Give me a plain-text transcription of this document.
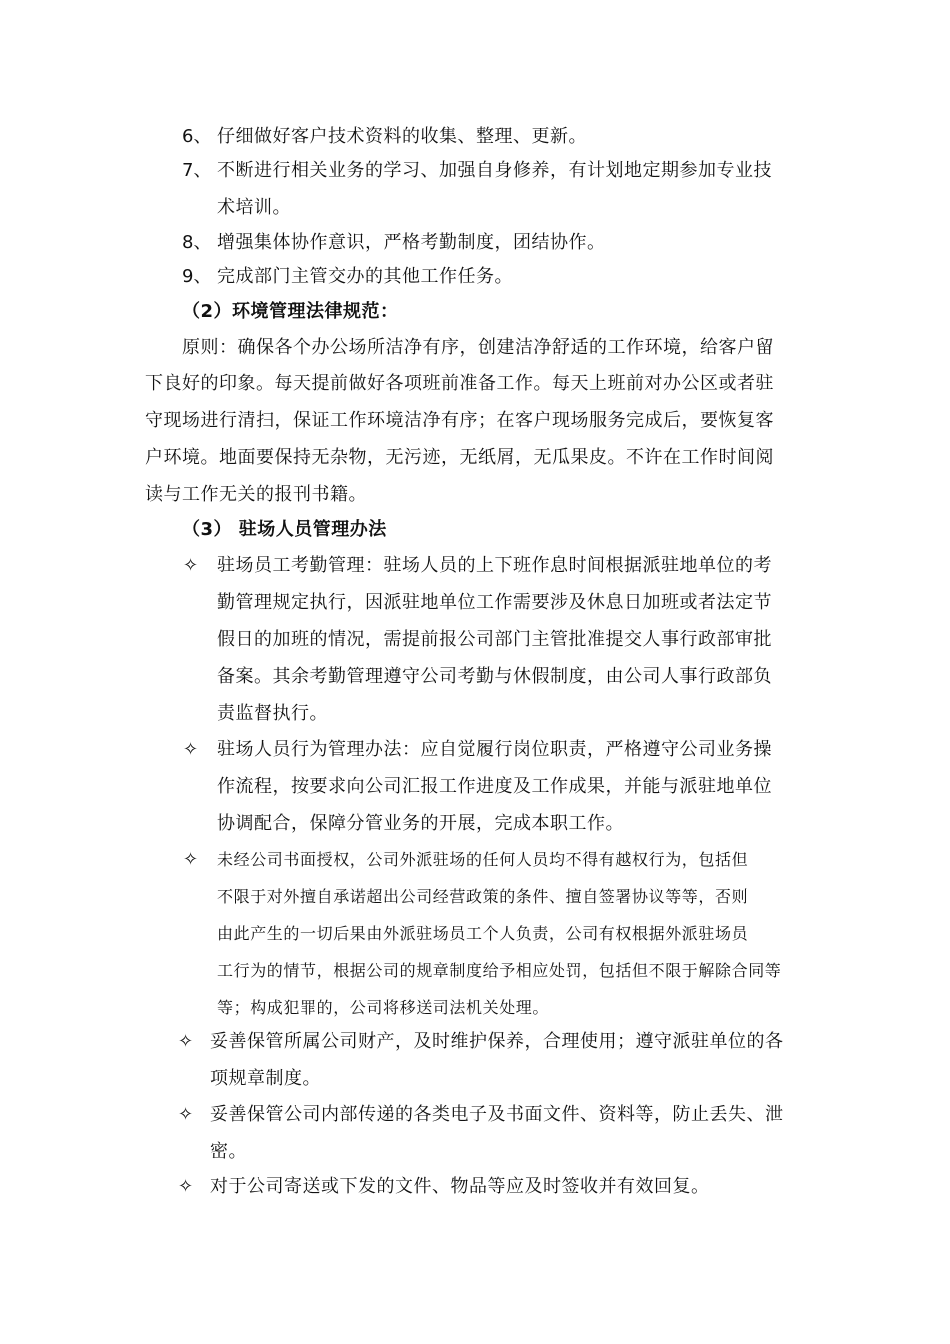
6、 仔细做好客户技术资料的收集、整理、更新。
7、 不断进行相关业务的学习、加强自身修养，有计划地定期参加专业技
术培训。
8、 增强集体协作意识，严格考勤制度，团结协作。
9、 完成部门主管交办的其他工作任务。
（2）环境管理法律规范：
原则：确保各个办公场所洁净有序，创建洁净舒适的工作环境，给客户留
下良好的印象。每天提前做好各项班前准备工作。每天上班前对办公区或者驻
守现场进行清扫，保证工作环境洁净有序；在客户现场服务完成后，要恢复客
户环境。地面要保持无杂物，无污迹，无纸屑，无瓜果皮。不许在工作时间阅
读与工作无关的报刊书籍。
（3） 驻场人员管理办法
✧ 驻场员工考勤管理：驻场人员的上下班作息时间根据派驻地单位的考
勤管理规定执行，因派驻地单位工作需要涉及休息日加班或者法定节
假日的加班的情况，需提前报公司部门主管批准提交人事行政部审批
备案。其余考勤管理遵守公司考勤与休假制度，由公司人事行政部负
责监督执行。
✧ 驻场人员行为管理办法：应自觉履行岗位职责，严格遵守公司业务操
作流程，按要求向公司汇报工作进度及工作成果，并能与派驻地单位
协调配合，保障分管业务的开展，完成本职工作。
✧ 未经公司书面授权，公司外派驻场的任何人员均不得有越权行为，包括但
不限于对外擅自承诺超出公司经营政策的条件、擅自签署协议等等，否则
由此产生的一切后果由外派驻场员工个人负责，公司有权根据外派驻场员
工行为的情节，根据公司的规章制度给予相应处罚，包括但不限于解除合同等
等；构成犯罪的，公司将移送司法机关处理。
✧ 妥善保管所属公司财产，及时维护保养，合理使用；遵守派驻单位的各
项规章制度。
✧ 妥善保管公司内部传递的各类电子及书面文件、资料等，防止丢失、泄
密。
✧ 对于公司寄送或下发的文件、物品等应及时签收并有效回复。
